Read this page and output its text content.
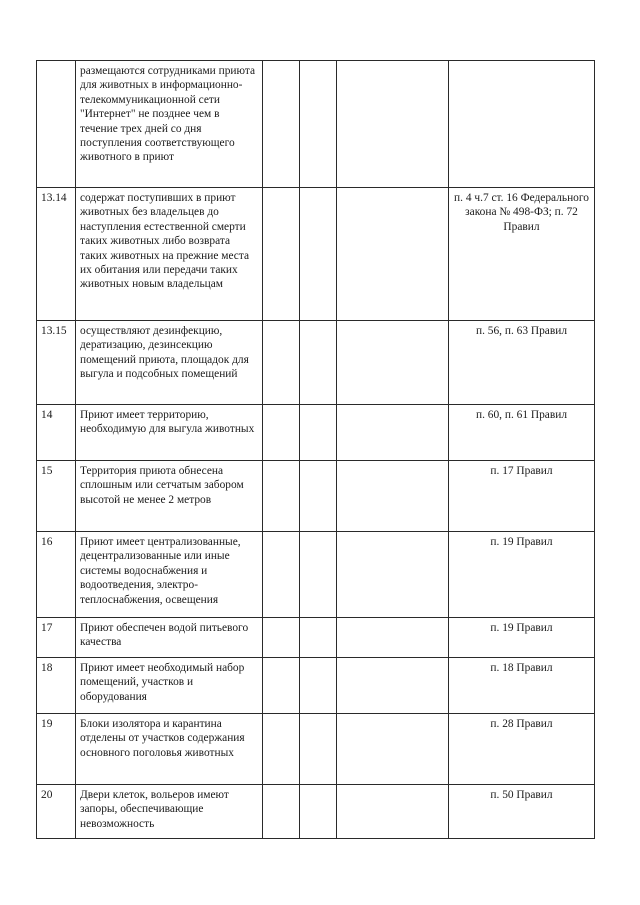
	размещаются сотрудниками приюта для животных в информационно-телекоммуникационной сети "Интернет" не позднее чем в течение трех дней со дня поступления соответствующего животного в приют				
13.14	содержат поступивших в приют животных без владельцев до наступления естественной смерти таких животных либо возврата таких животных на прежние места их обитания или передачи таких животных новым владельцам				п. 4 ч.7 ст. 16 Федерального закона № 498-ФЗ; п. 72 Правил
13.15	осуществляют дезинфекцию, дератизацию, дезинсекцию помещений приюта, площадок для выгула и подсобных помещений				п. 56, п. 63 Правил
14	Приют имеет территорию, необходимую для выгула животных				п. 60, п. 61 Правил
15	Территория приюта обнесена сплошным или сетчатым забором высотой не менее 2 метров				п. 17 Правил
16	Приют имеет централизованные, децентрализованные или иные системы водоснабжения и водоотведения, электро-теплоснабжения, освещения				п. 19 Правил
17	Приют обеспечен водой питьевого качества				п. 19 Правил
18	Приют имеет необходимый набор помещений, участков и оборудования				п. 18 Правил
19	Блоки изолятора и карантина отделены от участков содержания основного поголовья животных				п. 28 Правил
20	Двери клеток, вольеров имеют запоры, обеспечивающие невозможность				п. 50 Правил
